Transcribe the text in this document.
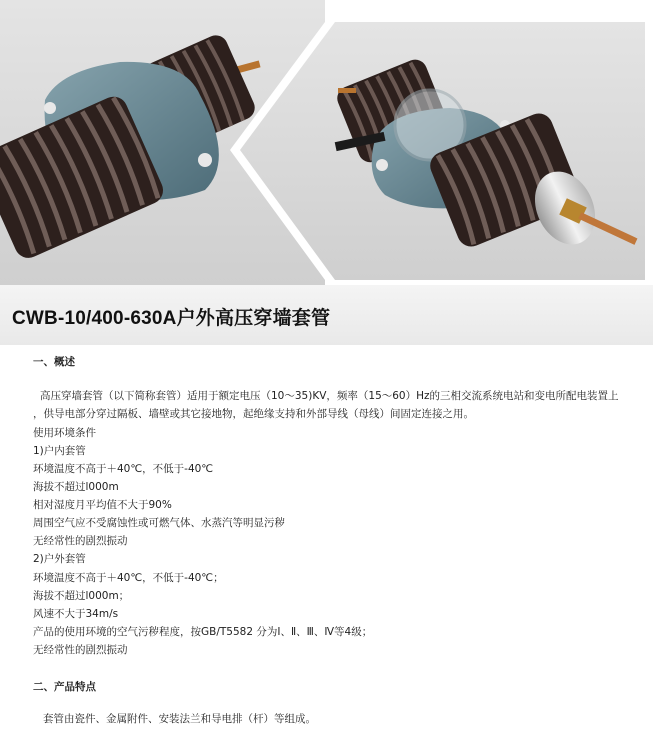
CWB-10/400-630A户外高压穿墙套管
一、概述
高压穿墙套管（以下简称套管）适用于额定电压（10～35)KV，频率（15～60）Hz的三相交流系统电站和变电所配电装置上
，供导电部分穿过隔板、墙壁或其它接地物，起绝缘支持和外部导线（母线）间固定连接之用。
使用环境条件
1)户内套管
环境温度不高于＋40℃，不低于-40℃
海拔不超过l000m
相对湿度月平均值不大于90%
周围空气应不受腐蚀性或可燃气体、水蒸汽等明显污秽
无经常性的剧烈振动
2)户外套管
环境温度不高于＋40℃，不低于-40℃；
海拔不超过l000m；
风速不大于34m/s
产品的使用环境的空气污秽程度，按GB/T5582 分为Ⅰ、Ⅱ、Ⅲ、Ⅳ等4级；
无经常性的剧烈振动
二、产品特点
套管由瓷件、金属附件、安装法兰和导电排（杆）等组成。
